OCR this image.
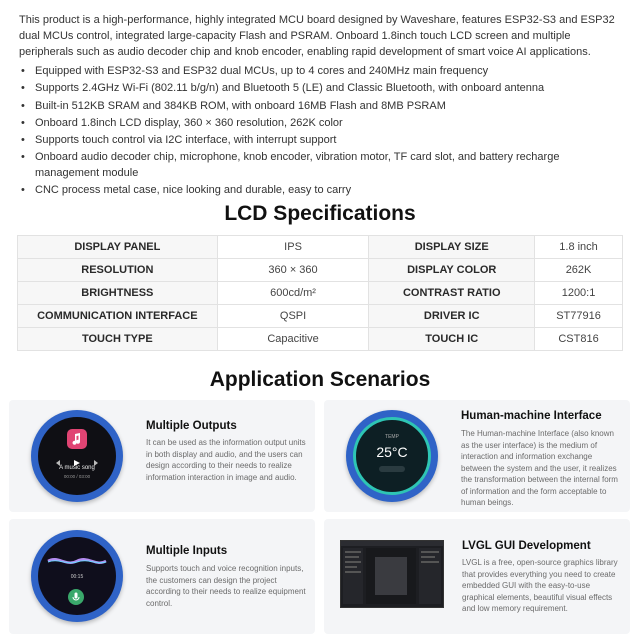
This product is a high-performance, highly integrated MCU board designed by Waveshare, features ESP32-S3 and ESP32 dual MCUs control, integrated large-capacity Flash and PSRAM. Onboard 1.8inch touch LCD screen and multiple peripherals such as audio decoder chip and knob encoder, enabling rapid development of smart voice AI applications.

• Equipped with ESP32-S3 and ESP32 dual MCUs, up to 4 cores and 240MHz main frequency
• Supports 2.4GHz Wi-Fi (802.11 b/g/n) and Bluetooth 5 (LE) and Classic Bluetooth, with onboard antenna
• Built-in 512KB SRAM and 384KB ROM, with onboard 16MB Flash and 8MB PSRAM
• Onboard 1.8inch LCD display, 360 × 360 resolution, 262K color
• Supports touch control via I2C interface, with interrupt support
• Onboard audio decoder chip, microphone, knob encoder, vibration motor, TF card slot, and battery recharge management module
• CNC process metal case, nice looking and durable, easy to carry
LCD Specifications
DISPLAY PANEL	IPS	DISPLAY SIZE	1.8 inch
RESOLUTION	360 × 360	DISPLAY COLOR	262K
BRIGHTNESS	600cd/m²	CONTRAST RATIO	1200:1
COMMUNICATION INTERFACE	QSPI	DRIVER IC	ST77916
TOUCH TYPE	Capacitive	TOUCH IC	CST816
Application Scenarios
A music song
00:00 / 03:00
Multiple Outputs
It can be used as the information output units in both display and audio, and the users can design according to their needs to realize information interaction in image and audio.
TEMP
25°C
Human-machine Interface
The Human-machine Interface (also known as the user interface) is the medium of interaction and information exchange between the system and the user, it realizes the transformation between the internal form of information and the form acceptable to human beings.
00:15
Multiple Inputs
Supports touch and voice recognition inputs, the customers can design the project according to their needs to realize equipment control.
LVGL GUI Development
LVGL is a free, open-source graphics library that provides everything you need to create embedded GUI with the easy-to-use graphical elements, beautiful visual effects and low memory requirement.
